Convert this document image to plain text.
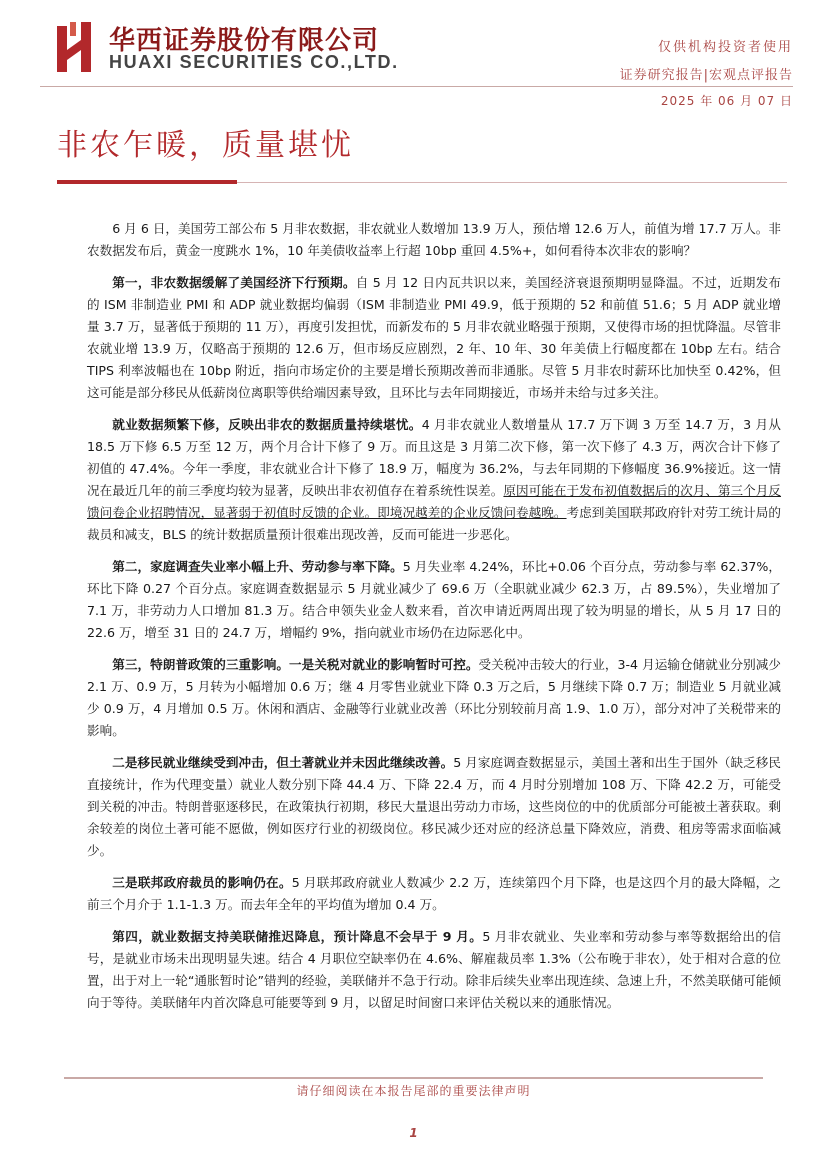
华西证券股份有限公司
HUAXI SECURITIES CO.,LTD.
仅供机构投资者使用
证券研究报告|宏观点评报告
2025 年 06 月 07 日
非农乍暖，质量堪忧

6 月 6 日，美国劳工部公布 5 月非农数据，非农就业人数增加 13.9 万人，预估增 12.6 万人，前值为增 17.7 万人。非农数据发布后，黄金一度跳水 1%，10 年美债收益率上行超 10bp 重回 4.5%+，如何看待本次非农的影响？

第一，非农数据缓解了美国经济下行预期。自 5 月 12 日内瓦共识以来，美国经济衰退预期明显降温。不过，近期发布的 ISM 非制造业 PMI 和 ADP 就业数据均偏弱（ISM 非制造业 PMI 49.9，低于预期的 52 和前值 51.6；5 月 ADP 就业增量 3.7 万，显著低于预期的 11 万），再度引发担忧，而新发布的 5 月非农就业略强于预期，又使得市场的担忧降温。尽管非农就业增 13.9 万，仅略高于预期的 12.6 万，但市场反应剧烈，2 年、10 年、30 年美债上行幅度都在 10bp 左右。结合 TIPS 利率波幅也在 10bp 附近，指向市场定价的主要是增长预期改善而非通胀。尽管 5 月非农时薪环比加快至 0.42%，但这可能是部分移民从低薪岗位离职等供给端因素导致，且环比与去年同期接近，市场并未给与过多关注。

就业数据频繁下修，反映出非农的数据质量持续堪忧。4 月非农就业人数增量从 17.7 万下调 3 万至 14.7 万，3 月从 18.5 万下修 6.5 万至 12 万，两个月合计下修了 9 万。而且这是 3 月第二次下修，第一次下修了 4.3 万，两次合计下修了初值的 47.4%。今年一季度，非农就业合计下修了 18.9 万，幅度为 36.2%，与去年同期的下修幅度 36.9%接近。这一情况在最近几年的前三季度均较为显著，反映出非农初值存在着系统性误差。原因可能在于发布初值数据后的次月、第三个月反馈问卷企业招聘情况，显著弱于初值时反馈的企业。即境况越差的企业反馈问卷越晚。考虑到美国联邦政府针对劳工统计局的裁员和减支，BLS 的统计数据质量预计很难出现改善，反而可能进一步恶化。

第二，家庭调查失业率小幅上升、劳动参与率下降。5 月失业率 4.24%，环比+0.06 个百分点，劳动参与率 62.37%，环比下降 0.27 个百分点。家庭调查数据显示 5 月就业减少了 69.6 万（全职就业减少 62.3 万，占 89.5%），失业增加了 7.1 万，非劳动力人口增加 81.3 万。结合申领失业金人数来看，首次申请近两周出现了较为明显的增长，从 5 月 17 日的 22.6 万，增至 31 日的 24.7 万，增幅约 9%，指向就业市场仍在边际恶化中。

第三，特朗普政策的三重影响。一是关税对就业的影响暂时可控。受关税冲击较大的行业，3-4 月运输仓储就业分别减少 2.1 万、0.9 万，5 月转为小幅增加 0.6 万；继 4 月零售业就业下降 0.3 万之后，5 月继续下降 0.7 万；制造业 5 月就业减少 0.9 万，4 月增加 0.5 万。休闲和酒店、金融等行业就业改善（环比分别较前月高 1.9、1.0 万），部分对冲了关税带来的影响。

二是移民就业继续受到冲击，但土著就业并未因此继续改善。5 月家庭调查数据显示，美国土著和出生于国外（缺乏移民直接统计，作为代理变量）就业人数分别下降 44.4 万、下降 22.4 万，而 4 月时分别增加 108 万、下降 42.2 万，可能受到关税的冲击。特朗普驱逐移民，在政策执行初期，移民大量退出劳动力市场，这些岗位的中的优质部分可能被土著获取。剩余较差的岗位土著可能不愿做，例如医疗行业的初级岗位。移民减少还对应的经济总量下降效应，消费、租房等需求面临减少。

三是联邦政府裁员的影响仍在。5 月联邦政府就业人数减少 2.2 万，连续第四个月下降，也是这四个月的最大降幅，之前三个月介于 1.1-1.3 万。而去年全年的平均值为增加 0.4 万。

第四，就业数据支持美联储推迟降息，预计降息不会早于 9 月。5 月非农就业、失业率和劳动参与率等数据给出的信号，是就业市场未出现明显失速。结合 4 月职位空缺率仍在 4.6%、解雇裁员率 1.3%（公布晚于非农），处于相对合意的位置，出于对上一轮“通胀暂时论”错判的经验，美联储并不急于行动。除非后续失业率出现连续、急速上升，不然美联储可能倾向于等待。美联储年内首次降息可能要等到 9 月，以留足时间窗口来评估关税以来的通胀情况。

请仔细阅读在本报告尾部的重要法律声明
1
